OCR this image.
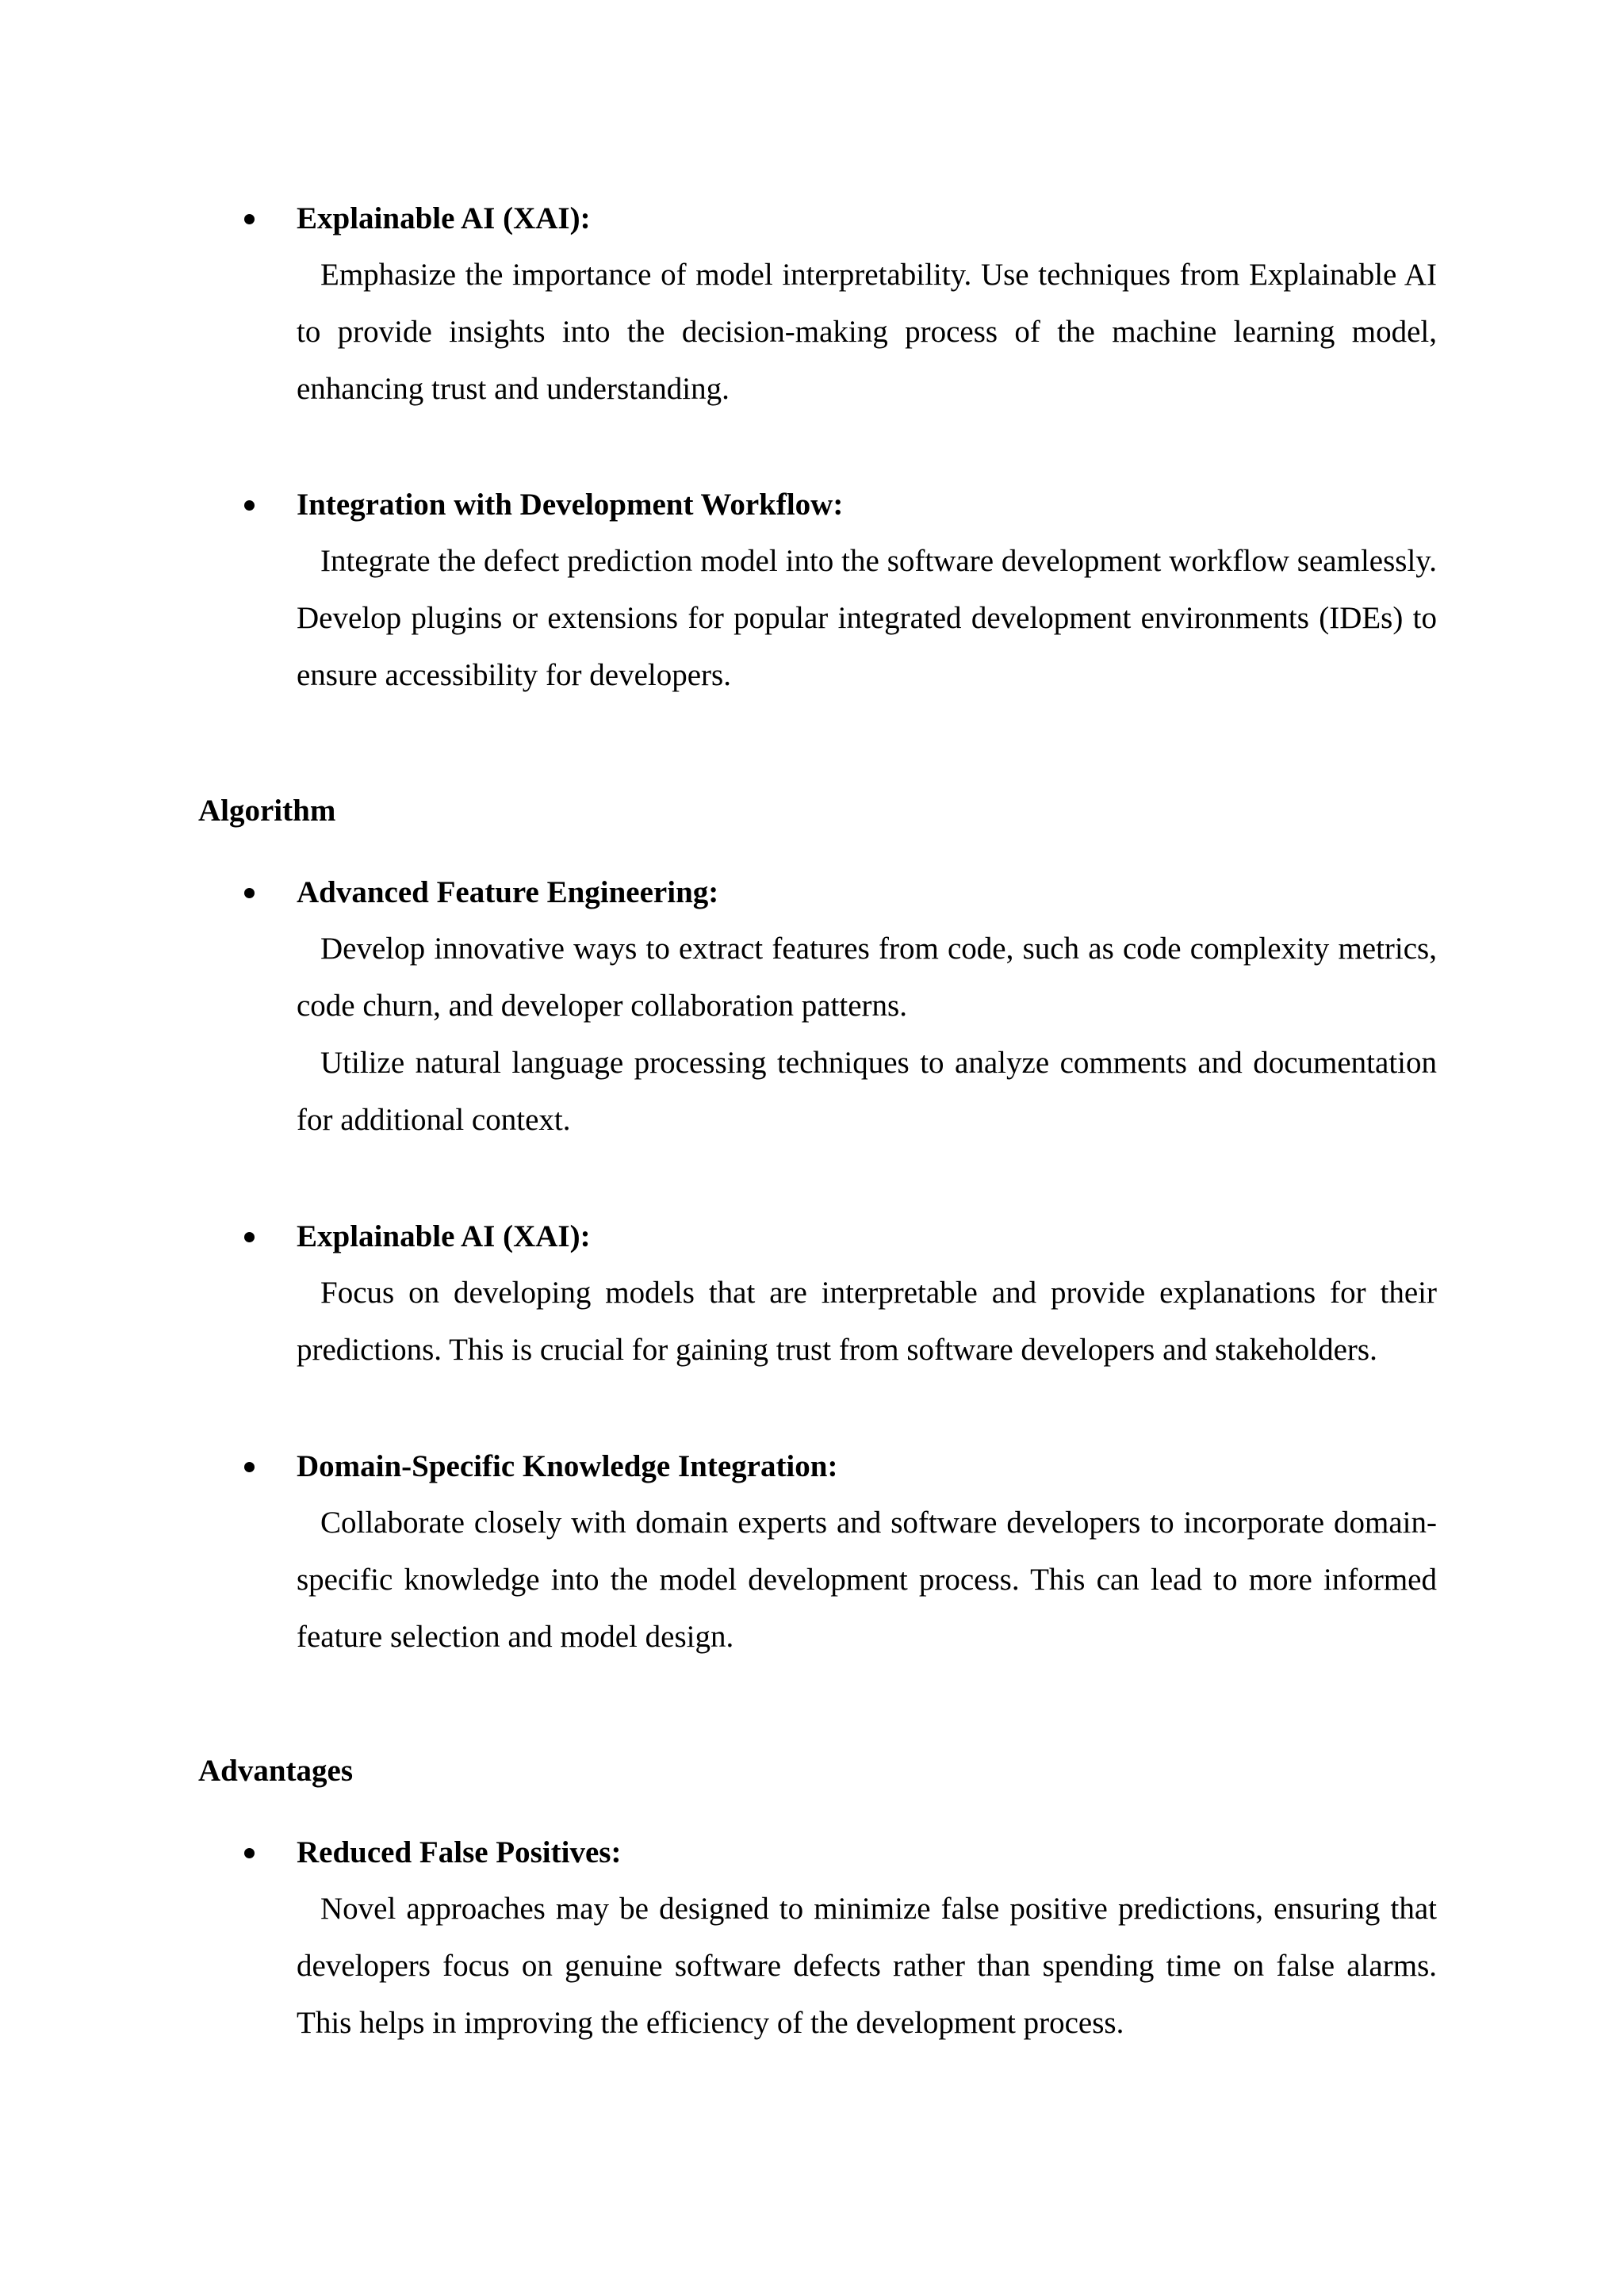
Explainable AI (XAI):

Emphasize the importance of model interpretability. Use techniques from Explainable AI to provide insights into the decision-making process of the machine learning model, enhancing trust and understanding.

Integration with Development Workflow:

Integrate the defect prediction model into the software development workflow seamlessly. Develop plugins or extensions for popular integrated development environments (IDEs) to ensure accessibility for developers.

Algorithm

Advanced Feature Engineering:

Develop innovative ways to extract features from code, such as code complexity metrics, code churn, and developer collaboration patterns.

Utilize natural language processing techniques to analyze comments and documentation for additional context.

Explainable AI (XAI):

Focus on developing models that are interpretable and provide explanations for their predictions. This is crucial for gaining trust from software developers and stakeholders.

Domain-Specific Knowledge Integration:

Collaborate closely with domain experts and software developers to incorporate domain-specific knowledge into the model development process. This can lead to more informed feature selection and model design.

Advantages

Reduced False Positives:

Novel approaches may be designed to minimize false positive predictions, ensuring that developers focus on genuine software defects rather than spending time on false alarms. This helps in improving the efficiency of the development process.
